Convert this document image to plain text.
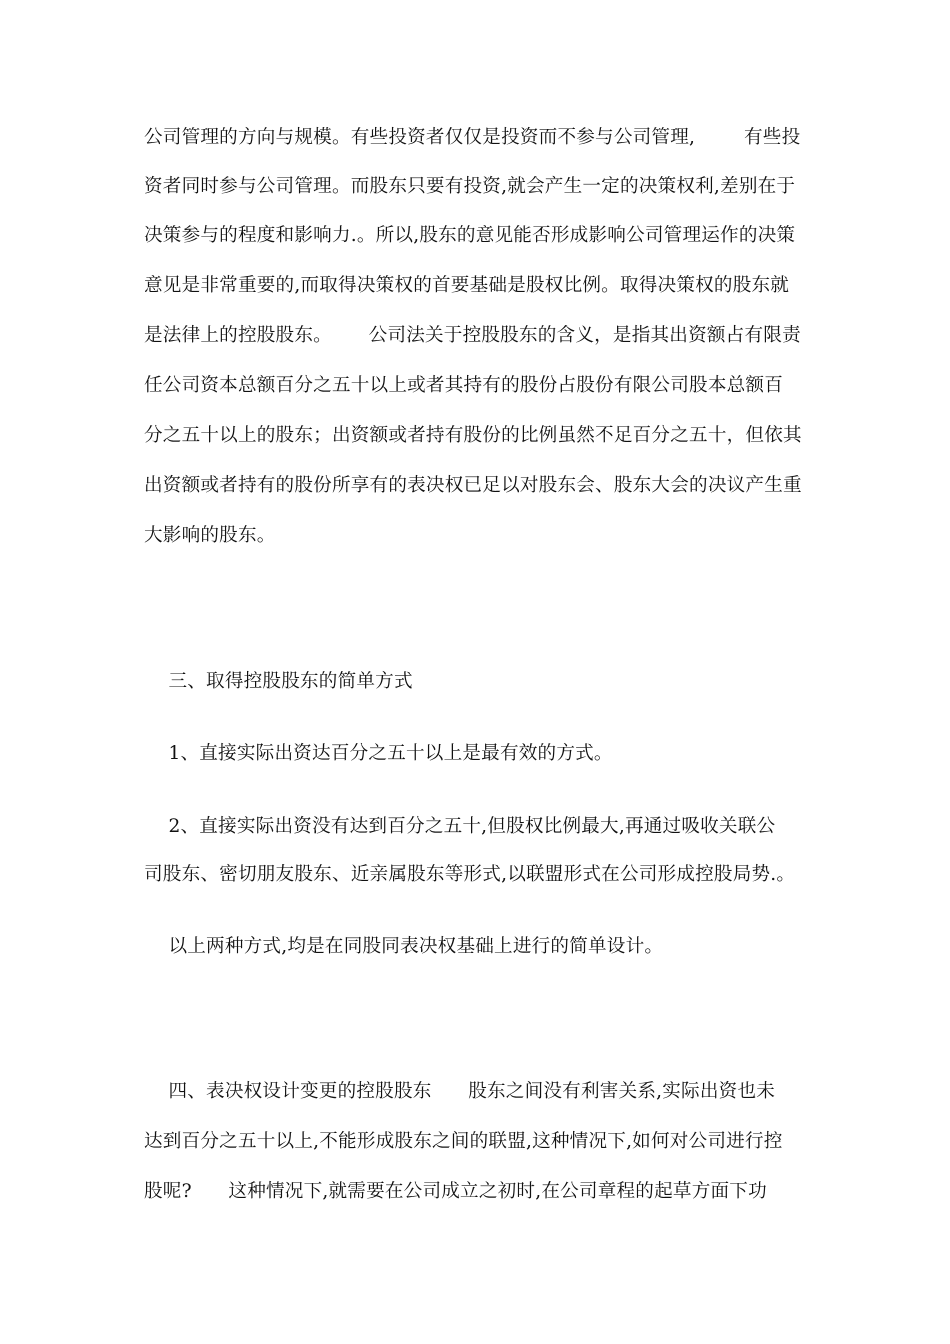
公司管理的方向与规模。有些投资者仅仅是投资而不参与公司管理,        有些投
资者同时参与公司管理。而股东只要有投资,就会产生一定的决策权利,差别在于
决策参与的程度和影响力.。所以,股东的意见能否形成影响公司管理运作的决策
意见是非常重要的,而取得决策权的首要基础是股权比例。取得决策权的股东就
是法律上的控股股东。      公司法关于控股股东的含义，是指其出资额占有限责
任公司资本总额百分之五十以上或者其持有的股份占股份有限公司股本总额百
分之五十以上的股东；出资额或者持有股份的比例虽然不足百分之五十，但依其
出资额或者持有的股份所享有的表决权已足以对股东会、股东大会的决议产生重
大影响的股东。
三、取得控股股东的简单方式
1、直接实际出资达百分之五十以上是最有效的方式。
2、直接实际出资没有达到百分之五十,但股权比例最大,再通过吸收关联公
司股东、密切朋友股东、近亲属股东等形式,以联盟形式在公司形成控股局势.。
以上两种方式,均是在同股同表决权基础上进行的简单设计。
四、表决权设计变更的控股股东      股东之间没有利害关系,实际出资也未
达到百分之五十以上,不能形成股东之间的联盟,这种情况下,如何对公司进行控
股呢?      这种情况下,就需要在公司成立之初时,在公司章程的起草方面下功
